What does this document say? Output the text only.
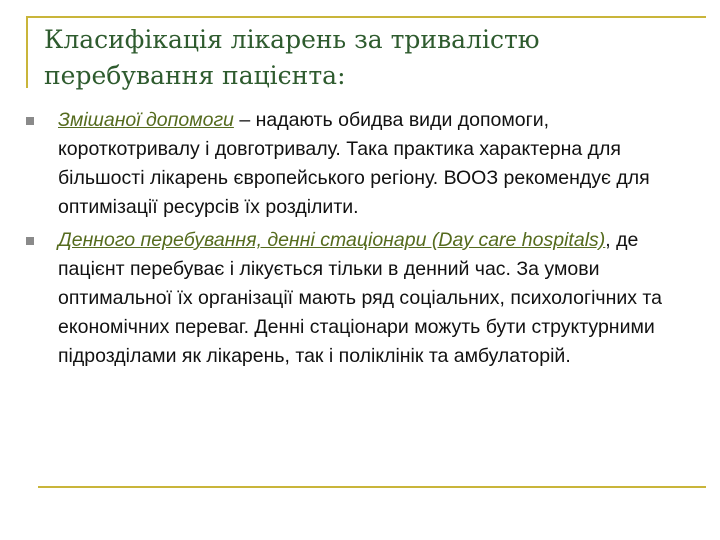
Класифікація лікарень за тривалістю
перебування пацієнта:
Змішаної допомоги – надають обидва види допомоги, короткотривалу і довготривалу. Така практика характерна для більшості лікарень європейського регіону. ВООЗ рекомендує для оптимізації ресурсів їх розділити.
Денного перебування, денні стаціонари (Day care hospitals), де пацієнт перебуває і лікується тільки в денний час. За умови оптимальної їх організації мають ряд соціальних, психологічних та економічних переваг. Денні стаціонари можуть бути структурними підрозділами як лікарень, так і поліклінік та амбулаторій.
